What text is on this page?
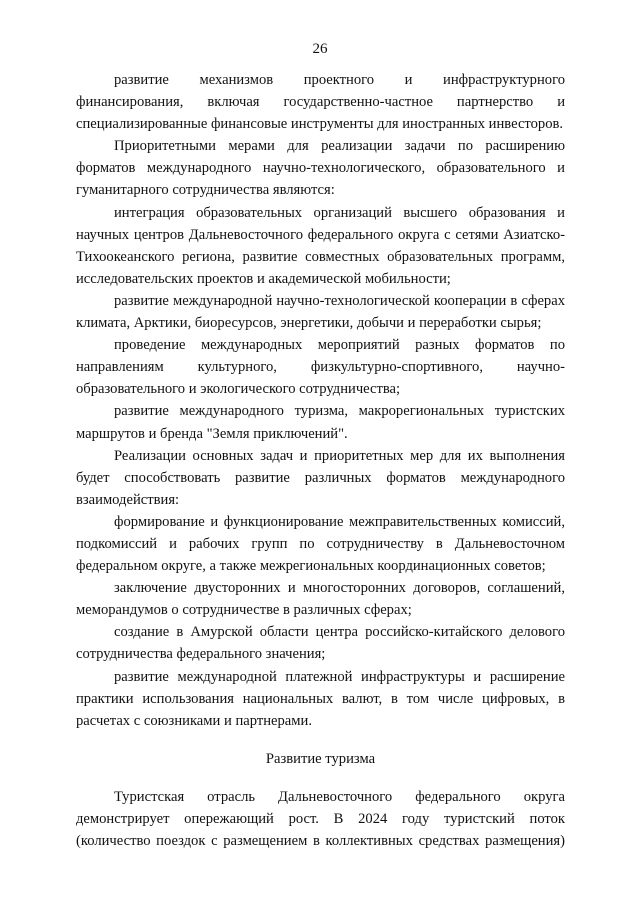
26

развитие механизмов проектного и инфраструктурного финансирования, включая государственно-частное партнерство и специализированные финансовые инструменты для иностранных инвесторов.

Приоритетными мерами для реализации задачи по расширению форматов международного научно-технологического, образовательного и гуманитарного сотрудничества являются:

интеграция образовательных организаций высшего образования и научных центров Дальневосточного федерального округа с сетями Азиатско-Тихоокеанского региона, развитие совместных образовательных программ, исследовательских проектов и академической мобильности;

развитие международной научно-технологической кооперации в сферах климата, Арктики, биоресурсов, энергетики, добычи и переработки сырья;

проведение международных мероприятий разных форматов по направлениям культурного, физкультурно-спортивного, научно-образовательного и экологического сотрудничества;

развитие международного туризма, макрорегиональных туристских маршрутов и бренда "Земля приключений".

Реализации основных задач и приоритетных мер для их выполнения будет способствовать развитие различных форматов международного взаимодействия:

формирование и функционирование межправительственных комиссий, подкомиссий и рабочих групп по сотрудничеству в Дальневосточном федеральном округе, а также межрегиональных координационных советов;

заключение двусторонних и многосторонних договоров, соглашений, меморандумов о сотрудничестве в различных сферах;

создание в Амурской области центра российско-китайского делового сотрудничества федерального значения;

развитие международной платежной инфраструктуры и расширение практики использования национальных валют, в том числе цифровых, в расчетах с союзниками и партнерами.

Развитие туризма

Туристская отрасль Дальневосточного федерального округа демонстрирует опережающий рост. В 2024 году туристский поток (количество поездок с размещением в коллективных средствах размещения)
